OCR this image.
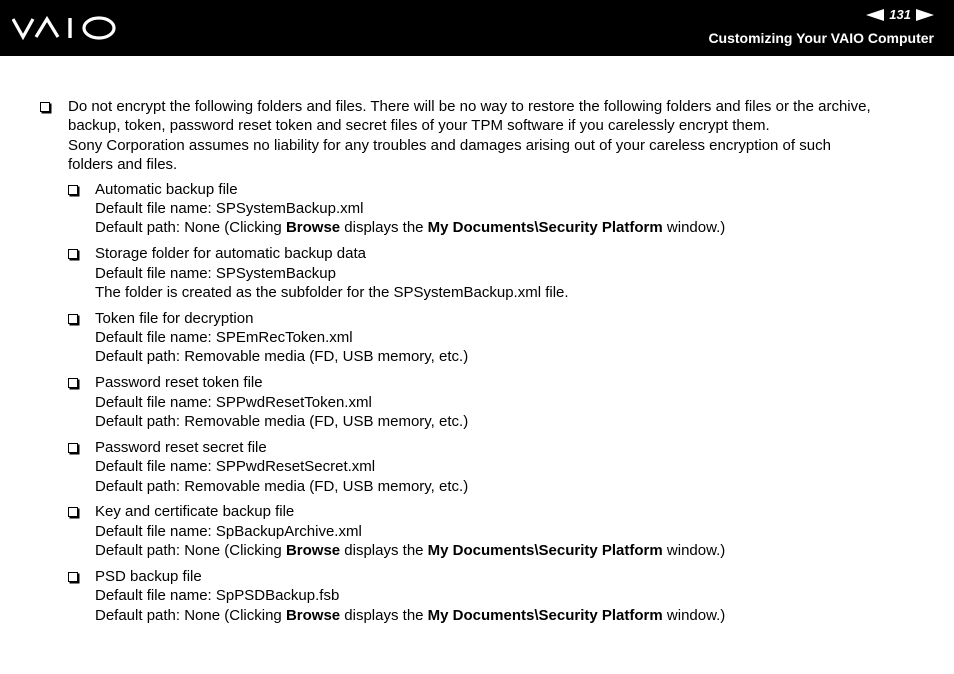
131
Customizing Your VAIO Computer
Do not encrypt the following folders and files. There will be no way to restore the following folders and files or the archive,
backup, token, password reset token and secret files of your TPM software if you carelessly encrypt them.
Sony Corporation assumes no liability for any troubles and damages arising out of your careless encryption of such
folders and files.
Automatic backup file
Default file name: SPSystemBackup.xml
Default path: None (Clicking Browse displays the My Documents\Security Platform window.)
Storage folder for automatic backup data
Default file name: SPSystemBackup
The folder is created as the subfolder for the SPSystemBackup.xml file.
Token file for decryption
Default file name: SPEmRecToken.xml
Default path: Removable media (FD, USB memory, etc.)
Password reset token file
Default file name: SPPwdResetToken.xml
Default path: Removable media (FD, USB memory, etc.)
Password reset secret file
Default file name: SPPwdResetSecret.xml
Default path: Removable media (FD, USB memory, etc.)
Key and certificate backup file
Default file name: SpBackupArchive.xml
Default path: None (Clicking Browse displays the My Documents\Security Platform window.)
PSD backup file
Default file name: SpPSDBackup.fsb
Default path: None (Clicking Browse displays the My Documents\Security Platform window.)
